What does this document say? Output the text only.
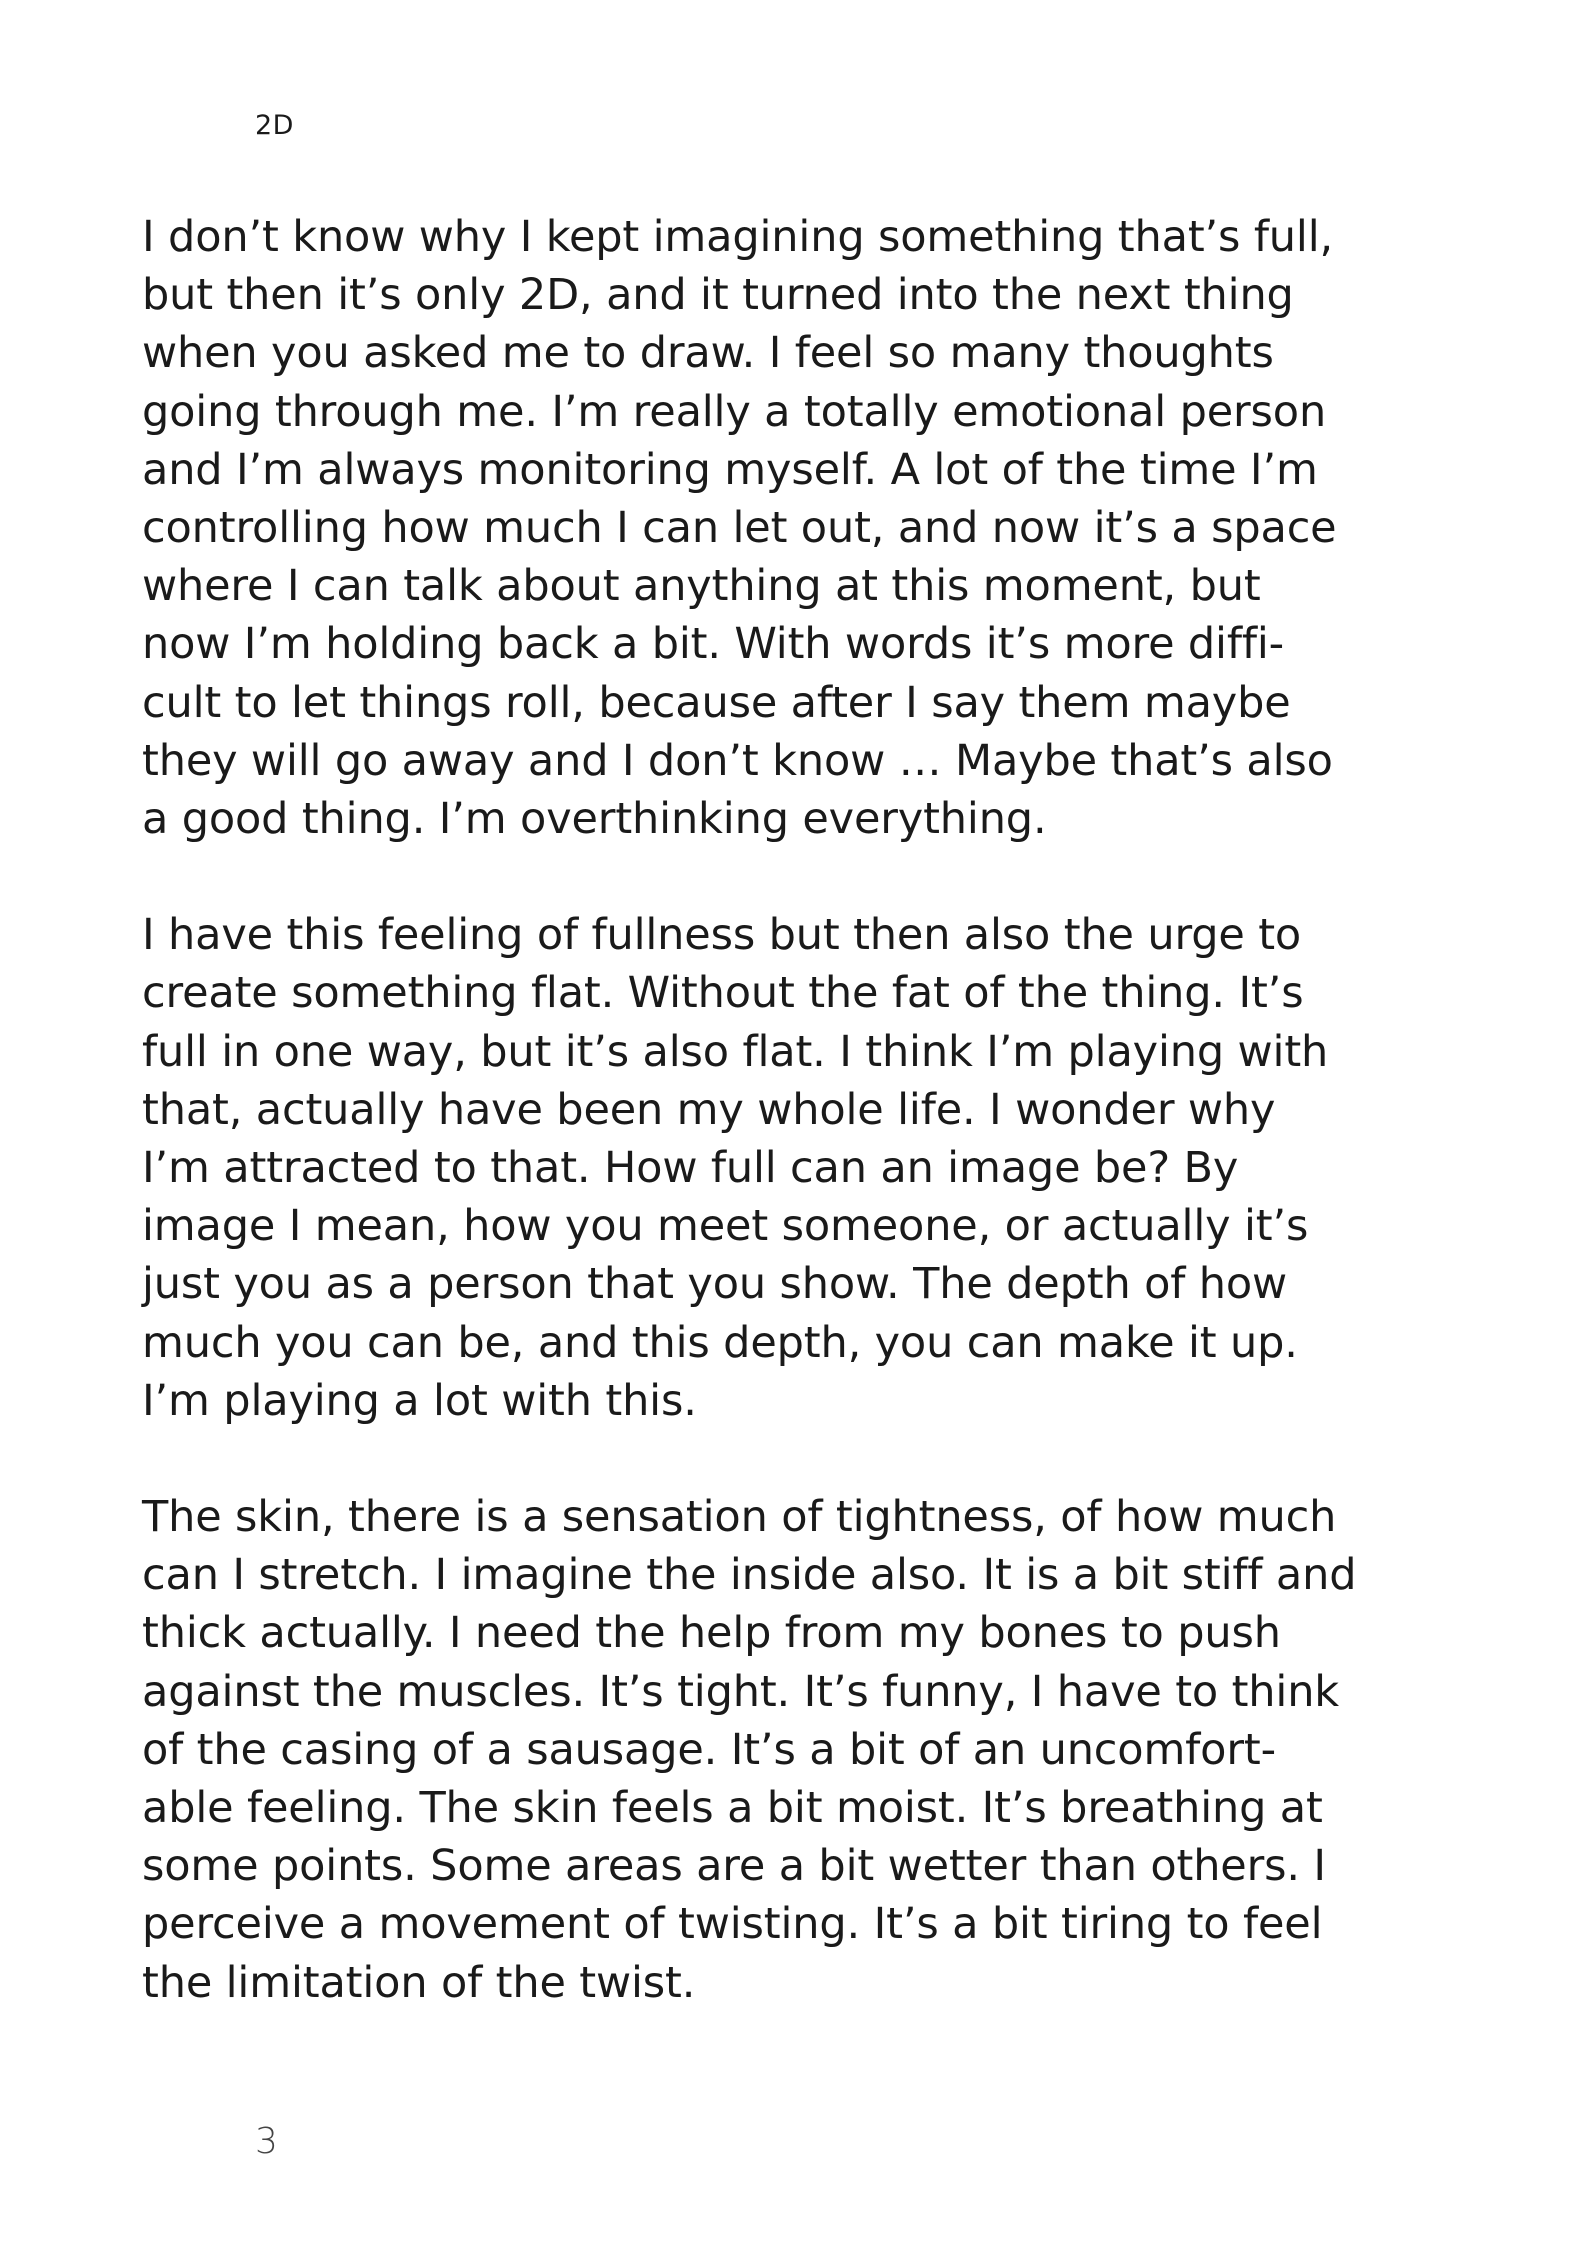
2D
I don’t know why I kept imagining something that’s full,
but then it’s only 2D, and it turned into the next thing
when you asked me to draw. I feel so many thoughts
going through me. I’m really a totally emotional person
and I’m always monitoring myself. A lot of the time I’m
controlling how much I can let out, and now it’s a space
where I can talk about anything at this moment, but
now I’m holding back a bit. With words it’s more diffi-
cult to let things roll, because after I say them maybe
they will go away and I don’t know … Maybe that’s also
a good thing. I’m overthinking everything.
I have this feeling of fullness but then also the urge to
create something flat. Without the fat of the thing. It’s
full in one way, but it’s also flat. I think I’m playing with
that, actually have been my whole life. I wonder why
I’m attracted to that. How full can an image be? By
image I mean, how you meet someone, or actually it’s
just you as a person that you show. The depth of how
much you can be, and this depth, you can make it up.
I’m playing a lot with this.
The skin, there is a sensation of tightness, of how much
can I stretch. I imagine the inside also. It is a bit stiff and
thick actually. I need the help from my bones to push
against the muscles. It’s tight. It’s funny, I have to think
of the casing of a sausage. It’s a bit of an uncomfort-
able feeling. The skin feels a bit moist. It’s breathing at
some points. Some areas are a bit wetter than others. I
perceive a movement of twisting. It’s a bit tiring to feel
the limitation of the twist.
3
